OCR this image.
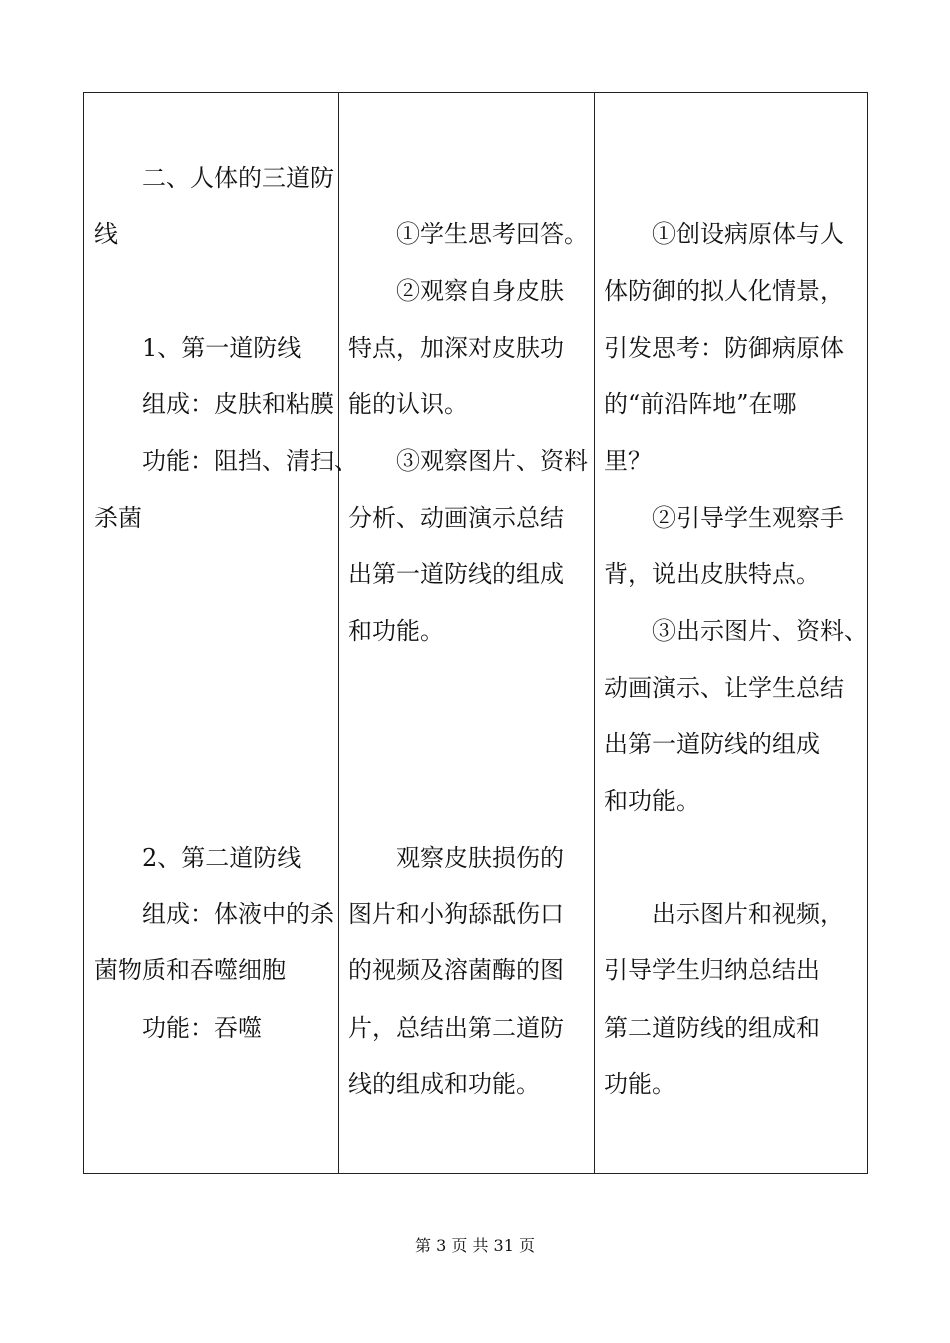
二、人体的三道防
线
1、第一道防线
组成：皮肤和粘膜
功能：阻挡、清扫、
杀菌
2、第二道防线
组成：体液中的杀
菌物质和吞噬细胞
功能：吞噬
①学生思考回答。
②观察自身皮肤
特点，加深对皮肤功
能的认识。
③观察图片、资料
分析、动画演示总结
出第一道防线的组成
和功能。
观察皮肤损伤的
图片和小狗舔舐伤口
的视频及溶菌酶的图
片，总结出第二道防
线的组成和功能。
①创设病原体与人
体防御的拟人化情景，
引发思考：防御病原体
的“前沿阵地”在哪
里？
②引导学生观察手
背，说出皮肤特点。
③出示图片、资料、
动画演示、让学生总结
出第一道防线的组成
和功能。
出示图片和视频，
引导学生归纳总结出
第二道防线的组成和
功能。
第 3 页 共 31 页
